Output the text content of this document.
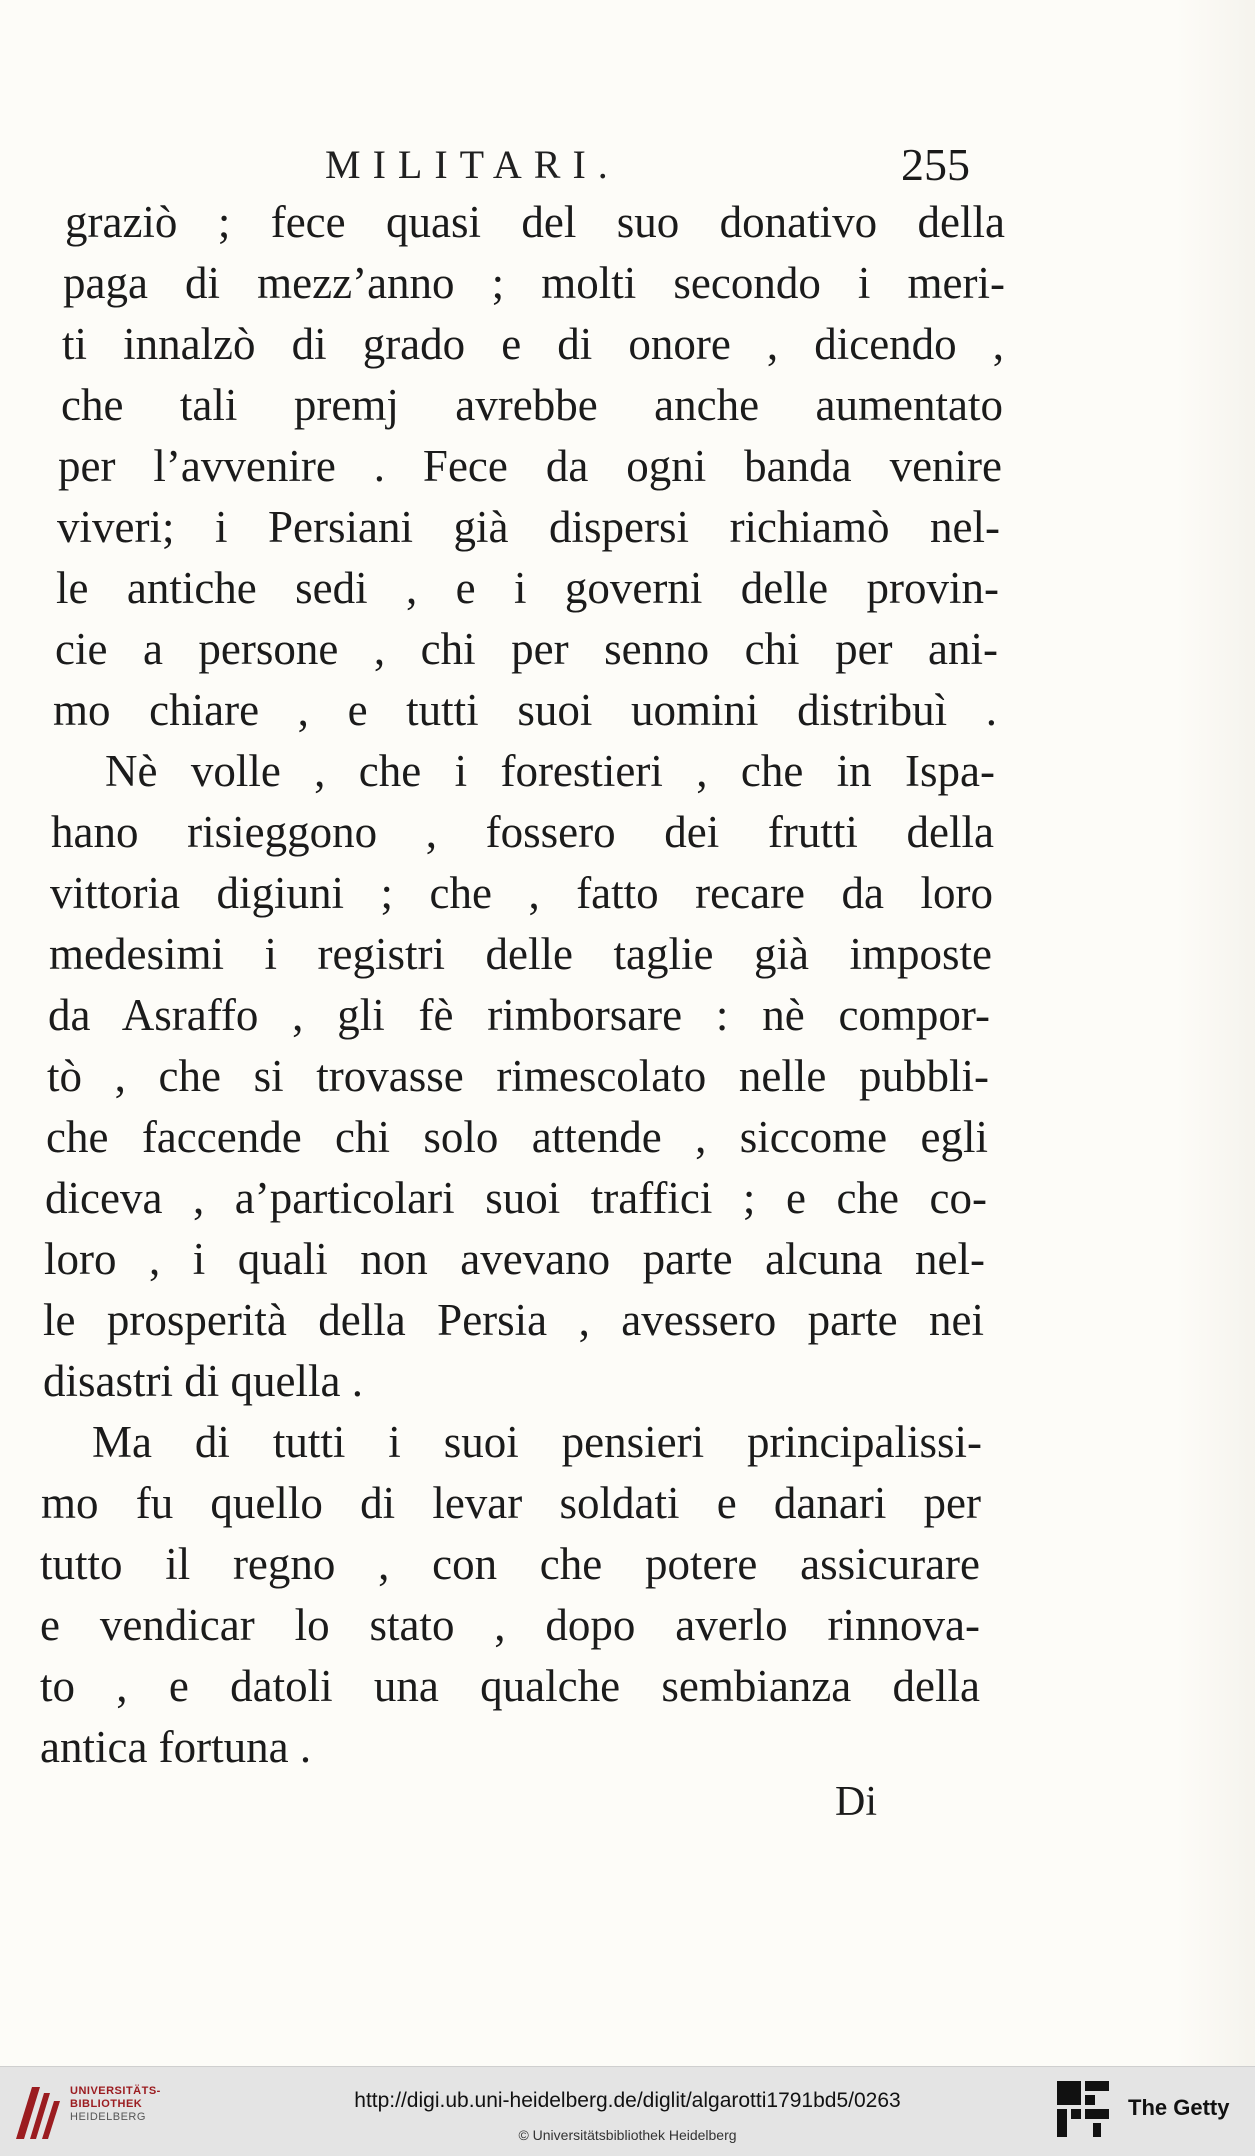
MILITARI.	255
graziò ; fece quasi del suo donativo della
paga di mezz’anno ; molti secondo i meri-
ti innalzò di grado e di onore , dicendo ,
che tali premj avrebbe anche aumentato
per l’avvenire . Fece da ogni banda venire
viveri; i Persiani già dispersi richiamò nel-
le antiche sedi , e i governi delle provin-
cie a persone , chi per senno chi per ani-
mo chiare , e tutti suoi uomini distribuì .
Nè volle , che i forestieri , che in Ispa-
hano risieggono , fossero dei frutti della
vittoria digiuni ; che , fatto recare da loro
medesimi i registri delle taglie già imposte
da Asraffo , gli fè rimborsare : nè compor-
tò , che si trovasse rimescolato nelle pubbli-
che faccende chi solo attende , siccome egli
diceva , a’particolari suoi traffici ; e che co-
loro , i quali non avevano parte alcuna nel-
le prosperità della Persia , avessero parte nei
disastri di quella .
Ma di tutti i suoi pensieri principalissi-
mo fu quello di levar soldati e danari per
tutto il regno , con che potere assicurare
e vendicar lo stato , dopo averlo rinnova-
to , e datoli una qualche sembianza della
antica fortuna .
Di
UNIVERSITÄTS-
BIBLIOTHEK
HEIDELBERG
http://digi.ub.uni-heidelberg.de/diglit/algarotti1791bd5/0263
© Universitätsbibliothek Heidelberg
The Getty
